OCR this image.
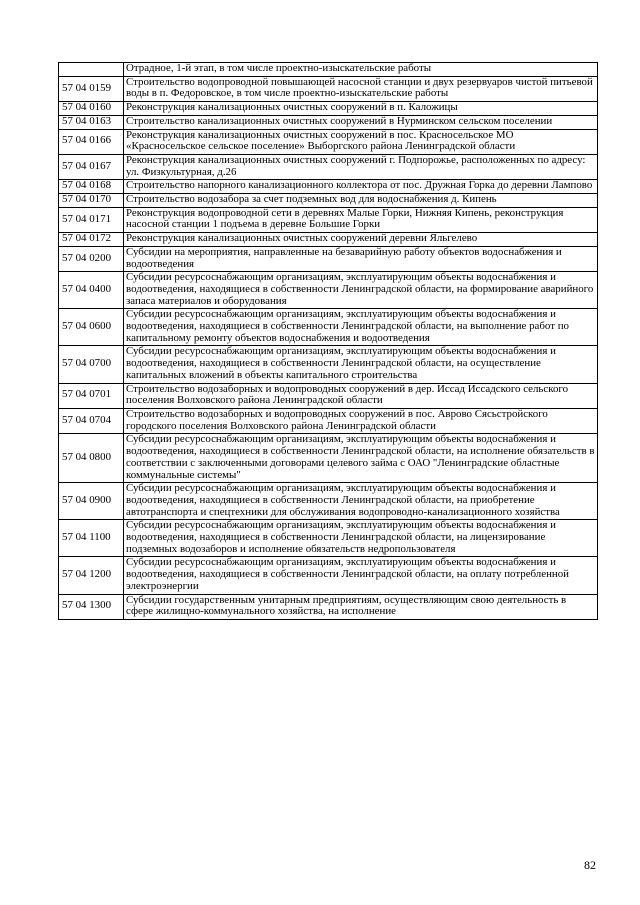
	Отрадное, 1-й этап, в том числе проектно-изыскательские работы
57 04 0159	Строительство водопроводной повышающей насосной станции и двух резервуаров чистой питьевой воды в п. Федоровское, в том числе проектно-изыскательские работы
57 04 0160	Реконструкция канализационных очистных сооружений в п. Каложицы
57 04 0163	Строительство канализационных очистных сооружений в Нурминском сельском поселении
57 04 0166	Реконструкция канализационных очистных сооружений в пос. Красносельское МО «Красносельское сельское поселение» Выборгского района Ленинградской области
57 04 0167	Реконструкция канализационных очистных сооружений г. Подпорожье, расположенных по адресу: ул. Физкультурная, д.26
57 04 0168	Строительство напорного канализационного коллектора от пос. Дружная Горка до деревни Лампово
57 04 0170	Строительство водозабора за счет подземных вод для водоснабжения д. Кипень
57 04 0171	Реконструкция водопроводной сети в деревнях Малые Горки, Нижняя Кипень, реконструкция насосной станции 1 подъема в деревне Большие Горки
57 04 0172	Реконструкция канализационных очистных сооружений деревни Яльгелево
57 04 0200	Субсидии на мероприятия, направленные на безаварийную работу объектов водоснабжения и водоотведения
57 04 0400	Субсидии ресурсоснабжающим организациям, эксплуатирующим объекты водоснабжения и водоотведения, находящиеся в собственности Ленинградской области, на формирование аварийного запаса материалов и оборудования
57 04 0600	Субсидии ресурсоснабжающим организациям, эксплуатирующим объекты водоснабжения и водоотведения, находящиеся в собственности Ленинградской области, на выполнение работ по капитальному ремонту объектов водоснабжения и водоотведения
57 04 0700	Субсидии ресурсоснабжающим организациям, эксплуатирующим объекты водоснабжения и водоотведения, находящиеся в собственности Ленинградской области, на осуществление капитальных вложений в объекты капитального строительства
57 04 0701	Строительство водозаборных и водопроводных сооружений в дер. Иссад Иссадского сельского поселения Волховского района Ленинградской области
57 04 0704	Строительство водозаборных и водопроводных сооружений в пос. Аврово Сясьстройского городского поселения Волховского района Ленинградской области
57 04 0800	Субсидии ресурсоснабжающим организациям, эксплуатирующим объекты водоснабжения и водоотведения, находящиеся в собственности Ленинградской области, на исполнение обязательств в соответствии с заключенными договорами целевого займа с ОАО "Ленинградские областные коммунальные системы"
57 04 0900	Субсидии ресурсоснабжающим организациям, эксплуатирующим объекты водоснабжения и водоотведения, находящиеся в собственности Ленинградской области, на приобретение автотранспорта и спецтехники для обслуживания водопроводно-канализационного хозяйства
57 04 1100	Субсидии ресурсоснабжающим организациям, эксплуатирующим объекты водоснабжения и водоотведения, находящиеся в собственности Ленинградской области, на лицензирование подземных водозаборов и исполнение обязательств недропользователя
57 04 1200	Субсидии ресурсоснабжающим организациям, эксплуатирующим объекты водоснабжения и водоотведения, находящиеся в собственности Ленинградской области, на оплату потребленной электроэнергии
57 04 1300	Субсидии государственным унитарным предприятиям, осуществляющим свою деятельность в сфере жилищно-коммунального хозяйства, на исполнение
82
